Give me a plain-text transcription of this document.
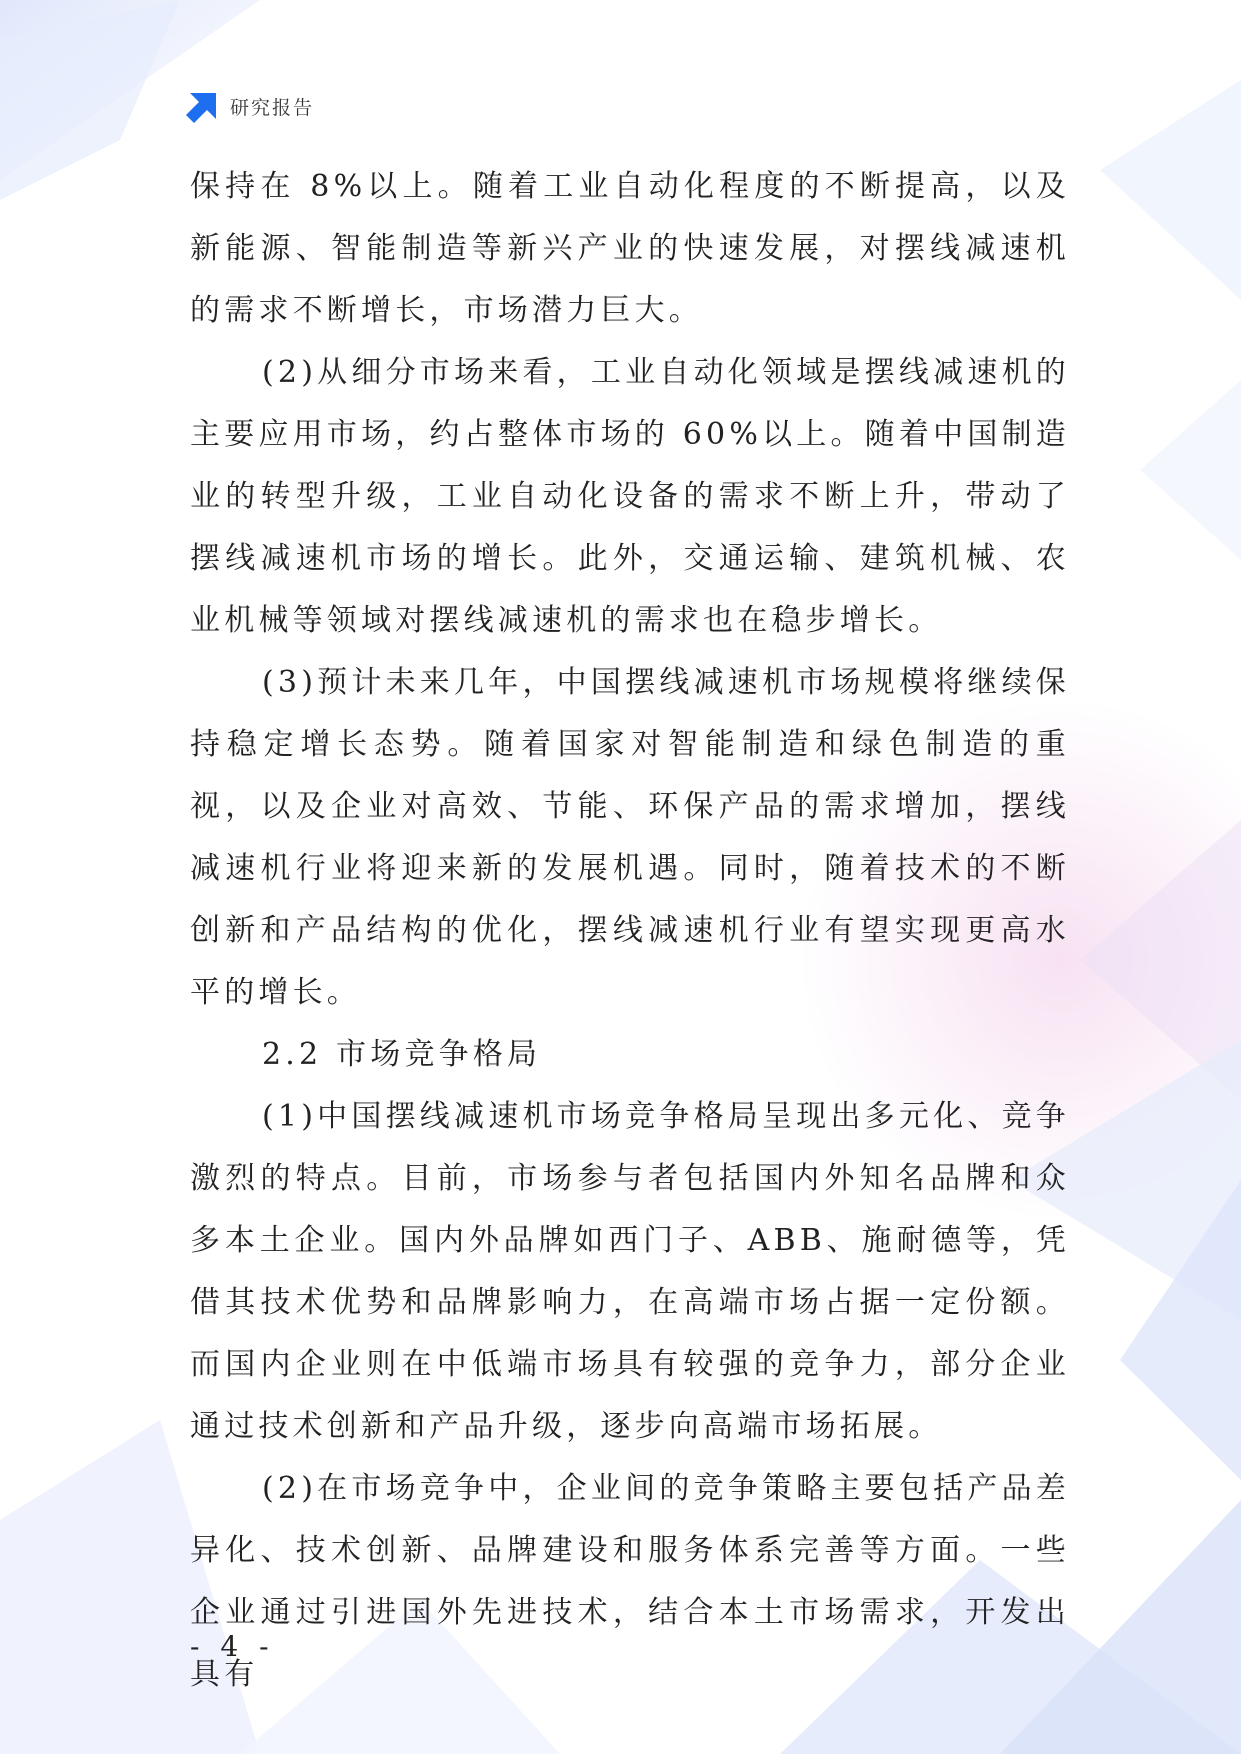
研究报告

保持在 8%以上。随着工业自动化程度的不断提高，以及新能源、智能制造等新兴产业的快速发展，对摆线减速机的需求不断增长，市场潜力巨大。

(2)从细分市场来看，工业自动化领域是摆线减速机的主要应用市场，约占整体市场的 60%以上。随着中国制造业的转型升级，工业自动化设备的需求不断上升，带动了摆线减速机市场的增长。此外，交通运输、建筑机械、农业机械等领域对摆线减速机的需求也在稳步增长。

(3)预计未来几年，中国摆线减速机市场规模将继续保持稳定增长态势。随着国家对智能制造和绿色制造的重视，以及企业对高效、节能、环保产品的需求增加，摆线减速机行业将迎来新的发展机遇。同时，随着技术的不断创新和产品结构的优化，摆线减速机行业有望实现更高水平的增长。

2.2 市场竞争格局

(1)中国摆线减速机市场竞争格局呈现出多元化、竞争激烈的特点。目前，市场参与者包括国内外知名品牌和众多本土企业。国内外品牌如西门子、ABB、施耐德等，凭借其技术优势和品牌影响力，在高端市场占据一定份额。而国内企业则在中低端市场具有较强的竞争力，部分企业通过技术创新和产品升级，逐步向高端市场拓展。

(2)在市场竞争中，企业间的竞争策略主要包括产品差异化、技术创新、品牌建设和服务体系完善等方面。一些企业通过引进国外先进技术，结合本土市场需求，开发出具有

- 4 -
